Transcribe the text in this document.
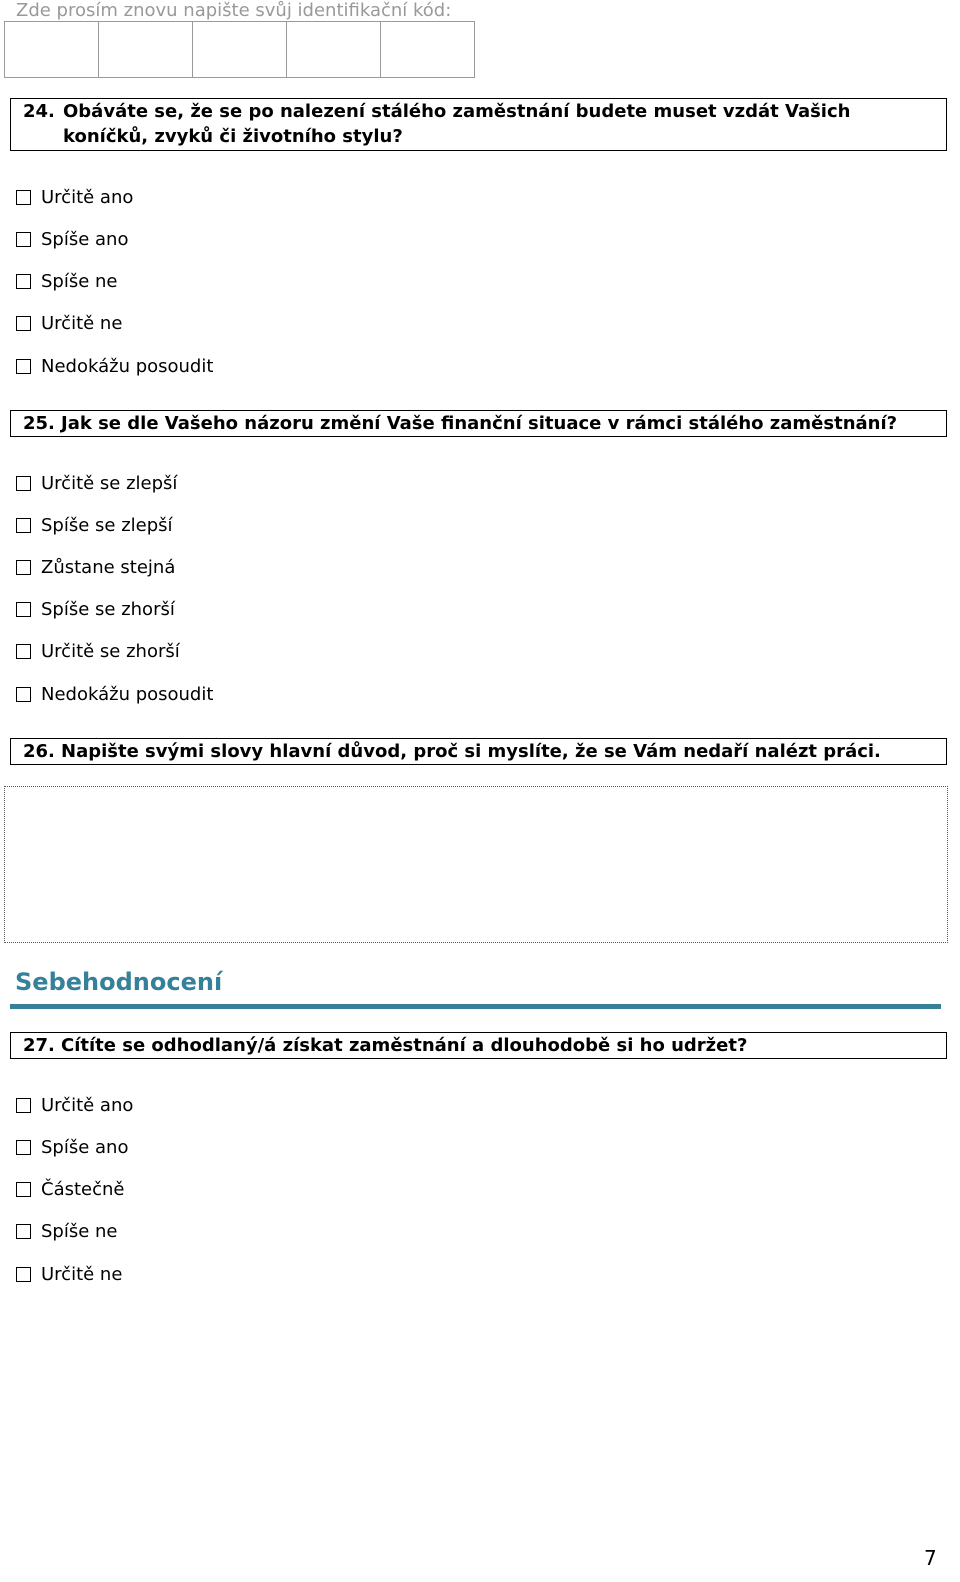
Zde prosím znovu napište svůj identifikační kód:
24. Obáváte se, že se po nalezení stálého zaměstnání budete muset vzdát Vašich koníčků, zvyků či životního stylu?
Určitě ano
Spíše ano
Spíše ne
Určitě ne
Nedokážu posoudit
25. Jak se dle Vašeho názoru změní Vaše finanční situace v rámci stálého zaměstnání?
Určitě se zlepší
Spíše se zlepší
Zůstane stejná
Spíše se zhorší
Určitě se zhorší
Nedokážu posoudit
26. Napište svými slovy hlavní důvod, proč si myslíte, že se Vám nedaří nalézt práci.
Sebehodnocení
27. Cítíte se odhodlaný/á získat zaměstnání a dlouhodobě si ho udržet?
Určitě ano
Spíše ano
Částečně
Spíše ne
Určitě ne
7
